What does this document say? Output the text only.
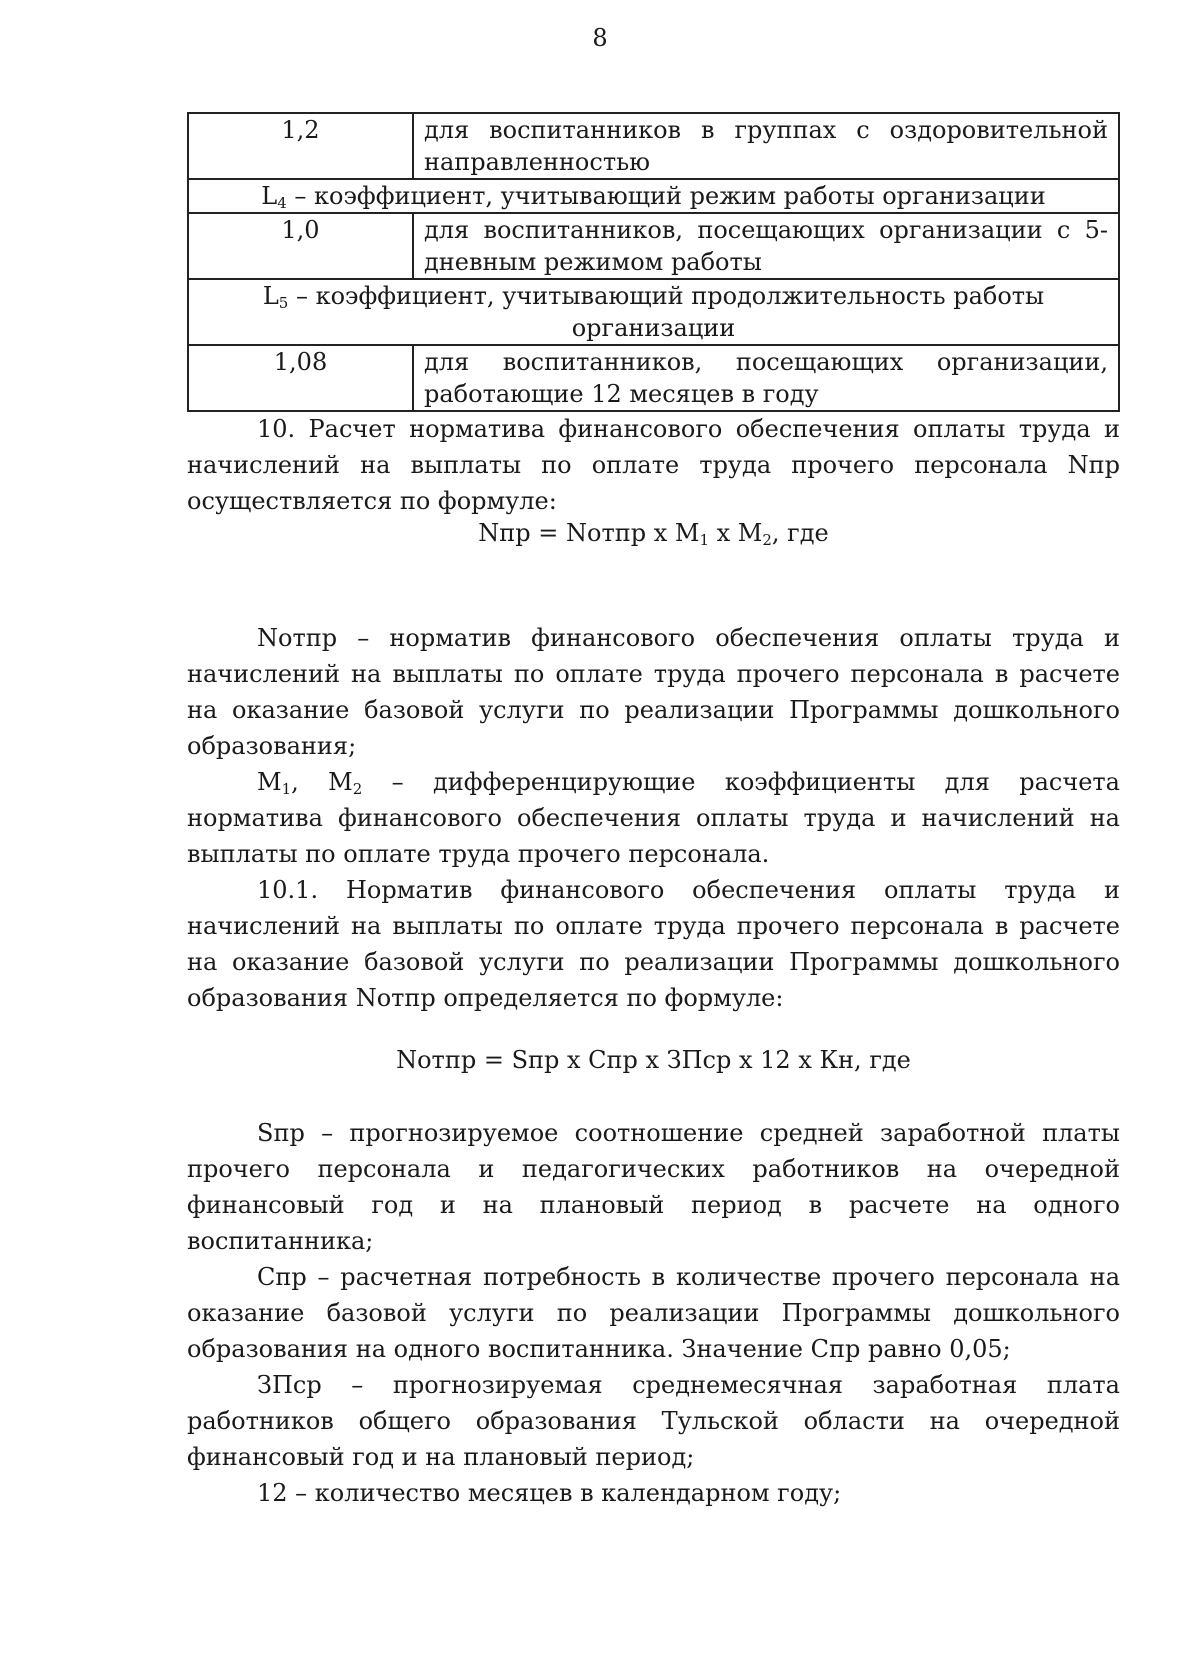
8
1,2	для воспитанников в группах с оздоровительной направленностью
$L_4$ – коэффициент, учитывающий режим работы организации	
1,0	для воспитанников, посещающих организации с 5-дневным режимом работы
$L_5$ – коэффициент, учитывающий продолжительность работы организации	
1,08	для воспитанников, посещающих организации, работающие 12 месяцев в году

10. Расчет норматива финансового обеспечения оплаты труда и начислений на выплаты по оплате труда прочего персонала Nпр осуществляется по формуле:

Nпр = Nотпр x $M_1$ x $M_2$, где

Nотпр – норматив финансового обеспечения оплаты труда и начислений на выплаты по оплате труда прочего персонала в расчете на оказание базовой услуги по реализации Программы дошкольного образования;

$M_1$, $M_2$ – дифференцирующие коэффициенты для расчета норматива финансового обеспечения оплаты труда и начислений на выплаты по оплате труда прочего персонала.

10.1. Норматив финансового обеспечения оплаты труда и начислений на выплаты по оплате труда прочего персонала в расчете на оказание базовой услуги по реализации Программы дошкольного образования Nотпр определяется по формуле:

Nотпр = Sпр x Cпр x ЗПср x 12 x Кн, где

Sпр – прогнозируемое соотношение средней заработной платы прочего персонала и педагогических работников на очередной финансовый год и на плановый период в расчете на одного воспитанника;

Cпр – расчетная потребность в количестве прочего персонала на оказание базовой услуги по реализации Программы дошкольного образования на одного воспитанника. Значение Cпр равно 0,05;

ЗПср – прогнозируемая среднемесячная заработная плата работников общего образования Тульской области на очередной финансовый год и на плановый период;

12 – количество месяцев в календарном году;
